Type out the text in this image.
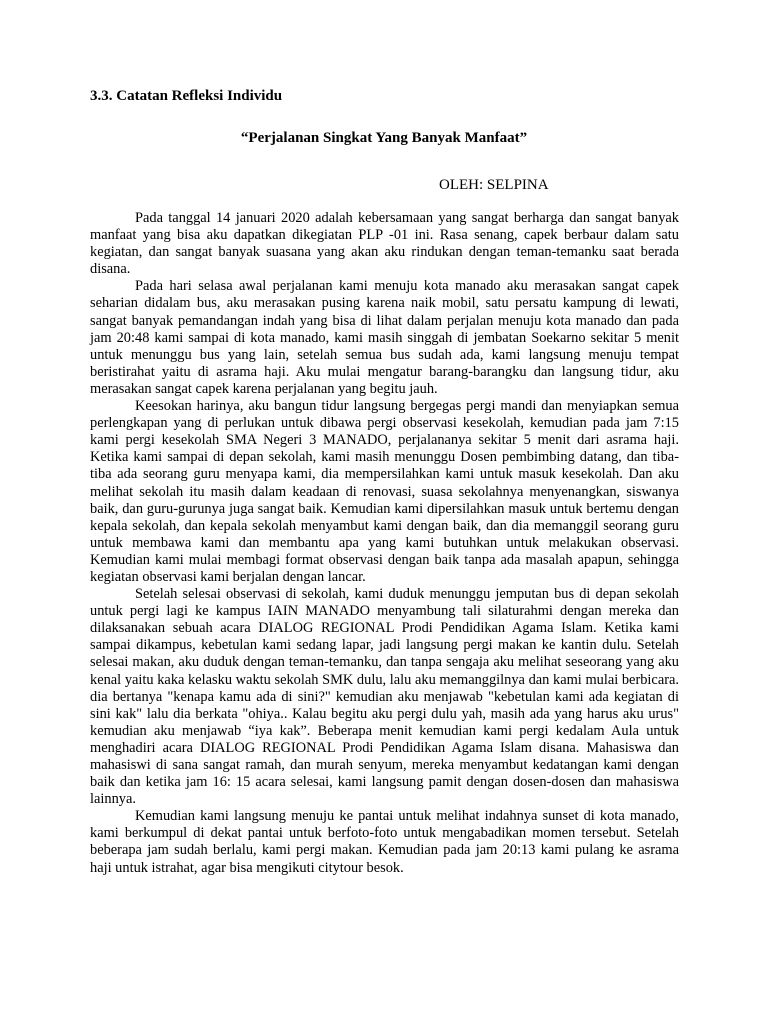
3.3. Catatan Refleksi Individu
“Perjalanan Singkat Yang Banyak Manfaat”
OLEH: SELPINA

Pada tanggal 14 januari 2020 adalah kebersamaan yang sangat berharga dan sangat banyak manfaat yang bisa aku dapatkan dikegiatan PLP -01 ini. Rasa senang, capek berbaur dalam satu kegiatan, dan sangat banyak suasana yang akan aku rindukan dengan teman-temanku saat berada disana.

Pada hari selasa awal perjalanan kami menuju kota manado aku merasakan sangat capek seharian didalam bus, aku merasakan pusing karena naik mobil, satu persatu kampung di lewati, sangat banyak pemandangan indah yang bisa di lihat dalam perjalan menuju kota manado dan pada jam 20:48 kami sampai di kota manado, kami masih singgah di jembatan Soekarno sekitar 5 menit untuk menunggu bus yang lain, setelah semua bus sudah ada, kami langsung menuju tempat beristirahat yaitu di asrama haji. Aku mulai mengatur barang-barangku dan langsung tidur, aku merasakan sangat capek karena perjalanan yang begitu jauh.

Keesokan harinya, aku bangun tidur langsung bergegas pergi mandi dan menyiapkan semua perlengkapan yang di perlukan untuk dibawa pergi observasi kesekolah, kemudian pada jam 7:15 kami pergi kesekolah SMA Negeri 3 MANADO, perjalananya sekitar 5 menit dari asrama haji. Ketika kami sampai di depan sekolah, kami masih menunggu Dosen pembimbing datang, dan tiba-tiba ada seorang guru menyapa kami, dia mempersilahkan kami untuk masuk kesekolah. Dan aku melihat sekolah itu masih dalam keadaan di renovasi, suasa sekolahnya menyenangkan, siswanya baik, dan guru-gurunya juga sangat baik. Kemudian kami dipersilahkan masuk untuk bertemu dengan kepala sekolah, dan kepala sekolah menyambut kami dengan baik, dan dia memanggil seorang guru untuk membawa kami dan membantu apa yang kami butuhkan untuk melakukan observasi. Kemudian kami mulai membagi format observasi dengan baik tanpa ada masalah apapun, sehingga kegiatan observasi kami berjalan dengan lancar.

Setelah selesai observasi di sekolah, kami duduk menunggu jemputan bus di depan sekolah untuk pergi lagi ke kampus IAIN MANADO menyambung tali silaturahmi dengan mereka dan dilaksanakan sebuah acara DIALOG REGIONAL Prodi Pendidikan Agama Islam. Ketika kami sampai dikampus, kebetulan kami sedang lapar, jadi langsung pergi makan ke kantin dulu. Setelah selesai makan, aku duduk dengan teman-temanku, dan tanpa sengaja aku melihat seseorang yang aku kenal yaitu kaka kelasku waktu sekolah SMK dulu, lalu aku memanggilnya dan kami mulai berbicara. dia bertanya "kenapa kamu ada di sini?" kemudian aku menjawab "kebetulan kami ada kegiatan di sini kak" lalu dia berkata "ohiya.. Kalau begitu aku pergi dulu yah, masih ada yang harus aku urus" kemudian aku menjawab “iya kak”. Beberapa menit kemudian kami pergi kedalam Aula untuk menghadiri acara DIALOG REGIONAL Prodi Pendidikan Agama Islam disana. Mahasiswa dan mahasiswi di sana sangat ramah, dan murah senyum, mereka menyambut kedatangan kami dengan baik dan ketika jam 16: 15 acara selesai, kami langsung pamit dengan dosen-dosen dan mahasiswa lainnya.

Kemudian kami langsung menuju ke pantai untuk melihat indahnya sunset di kota manado, kami berkumpul di dekat pantai untuk berfoto-foto untuk mengabadikan momen tersebut. Setelah beberapa jam sudah berlalu, kami pergi makan. Kemudian pada jam 20:13 kami pulang ke asrama haji untuk istrahat, agar bisa mengikuti citytour besok.
